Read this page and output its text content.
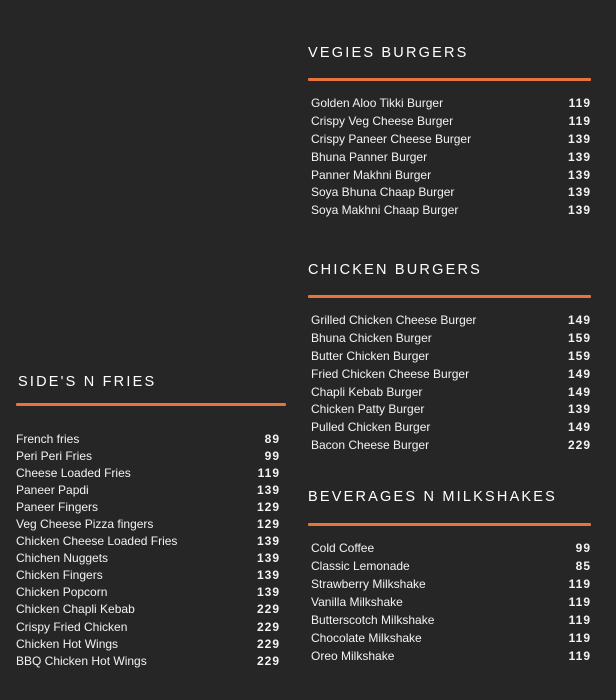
VEGIES BURGERS
Golden Aloo Tikki Burger	119
Crispy Veg Cheese Burger	119
Crispy Paneer Cheese Burger	139
Bhuna Panner Burger	139
Panner Makhni Burger	139
Soya Bhuna Chaap Burger	139
Soya Makhni Chaap Burger	139
CHICKEN BURGERS
Grilled Chicken Cheese Burger	149
Bhuna Chicken Burger	159
Butter Chicken Burger	159
Fried Chicken Cheese Burger	149
Chapli Kebab Burger	149
Chicken Patty Burger	139
Pulled Chicken Burger	149
Bacon Cheese Burger	229
BEVERAGES N MILKSHAKES
Cold Coffee	99
Classic Lemonade	85
Strawberry Milkshake	119
Vanilla Milkshake	119
Butterscotch Milkshake	119
Chocolate Milkshake	119
Oreo Milkshake	119
SIDE'S N FRIES
French fries	89
Peri Peri Fries	99
Cheese Loaded Fries	119
Paneer Papdi	139
Paneer Fingers	129
Veg Cheese Pizza fingers	129
Chicken Cheese Loaded Fries	139
Chichen Nuggets	139
Chicken Fingers	139
Chicken Popcorn	139
Chicken Chapli Kebab	229
Crispy Fried Chicken	229
Chicken Hot Wings	229
BBQ Chicken Hot Wings	229
